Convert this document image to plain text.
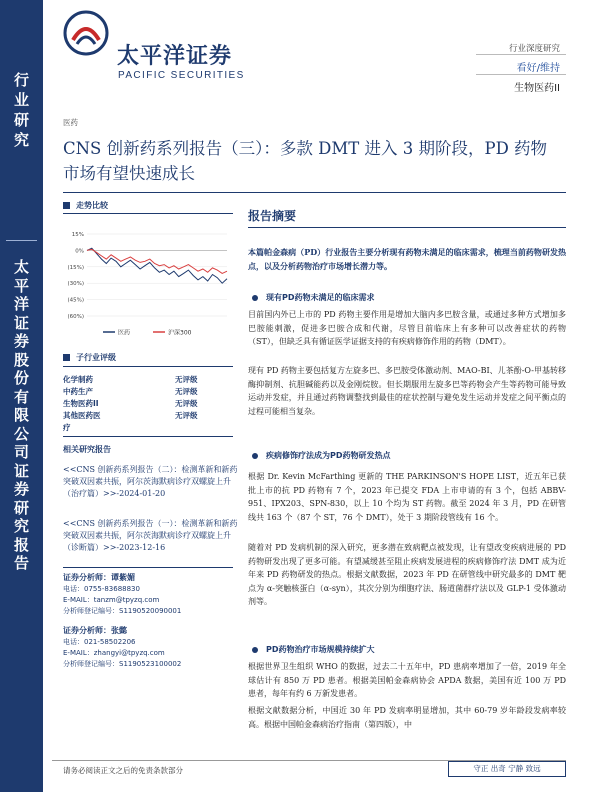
行业研究
太平洋证券股份有限公司证券研究报告
太平洋证券
PACIFIC SECURITIES
行业深度研究
看好/维持
生物医药II
医药
CNS 创新药系列报告（三）：多款 DMT 进入 3 期阶段，PD 药物市场有望快速成长
走势比较
15%
0%
(15%)
(30%)
(45%)
(60%)
医药	沪深300
子行业评级
化学制药	无评级
中药生产	无评级
生物医药II	无评级
其他医药医	无评级
疗
相关研究报告
<<CNS 创新药系列报告（二）：检测革新和新药突破双因素共振，阿尔茨海默病诊疗双螺旋上升（治疗篇）>>-2024-01-20
<<CNS 创新药系列报告（一）：检测革新和新药突破双因素共振，阿尔茨海默病诊疗双螺旋上升（诊断篇）>>-2023-12-16
证券分析师：谭紫媚
电话：0755-83688830
E-MAIL：tanzm@tpyzq.com
分析师登记编号：S1190520090001
证券分析师：张懿
电话：021-58502206
E-MAIL：zhangyi@tpyzq.com
分析师登记编号：S1190523100002
报告摘要
本篇帕金森病（PD）行业报告主要分析现有药物未满足的临床需求，梳理当前药物研发热点，以及分析药物治疗市场增长潜力等。
现有PD药物未满足的临床需求
目前国内外已上市的 PD 药物主要作用是增加大脑内多巴胺含量，或通过多种方式增加多巴胺能刺激，促进多巴胺合成和代谢，尽管目前临床上有多种可以改善症状的药物（ST），但缺乏具有循证医学证据支持的有疾病修饰作用的药物（DMT）。
现有 PD 药物主要包括复方左旋多巴、多巴胺受体激动剂、MAO-BI、儿茶酚-O-甲基转移酶抑制剂、抗胆碱能药以及金刚烷胺。但长期服用左旋多巴等药物会产生等药物可能导致运动并发症，并且通过药物调整找到最佳的症状控制与避免发生运动并发症之间平衡点的过程可能相当复杂。
疾病修饰疗法成为PD药物研发热点
根据 Dr. Kevin McFarthing 更新的 THE PARKINSON'S HOPE LIST，近五年已获批上市的抗 PD 药物有 7 个，2023 年已提交 FDA 上市申请的有 3 个，包括 ABBV-951、IPX203、SPN-830，以上 10 个均为 ST 药物。截至 2024 年 3 月，PD 在研管线共 163 个（87 个 ST，76 个 DMT），处于 3 期阶段管线有 16 个。
随着对 PD 发病机制的深入研究，更多潜在致病靶点被发现，让有望改变疾病进展的 PD 药物研发出现了更多可能。有望减缓甚至阻止疾病发展进程的疾病修饰疗法 DMT 成为近年来 PD 药物研发的热点。根据文献数据，2023 年 PD 在研管线中研究最多的 DMT 靶点为 α-突触核蛋白（α-syn），其次分别为细胞疗法、肠道菌群疗法以及 GLP-1 受体激动剂等。
PD药物治疗市场规模持续扩大
根据世界卫生组织 WHO 的数据，过去二十五年中，PD 患病率增加了一倍，2019 年全球估计有 850 万 PD 患者。根据美国帕金森病协会 APDA 数据，美国有近 100 万 PD 患者，每年有约 6 万新发患者。
根据文献数据分析，中国近 30 年 PD 发病率明显增加，其中 60-79 岁年龄段发病率较高。根据中国帕金森病治疗指南（第四版），中
请务必阅读正文之后的免责条款部分	守正 出奇 宁静 致远
